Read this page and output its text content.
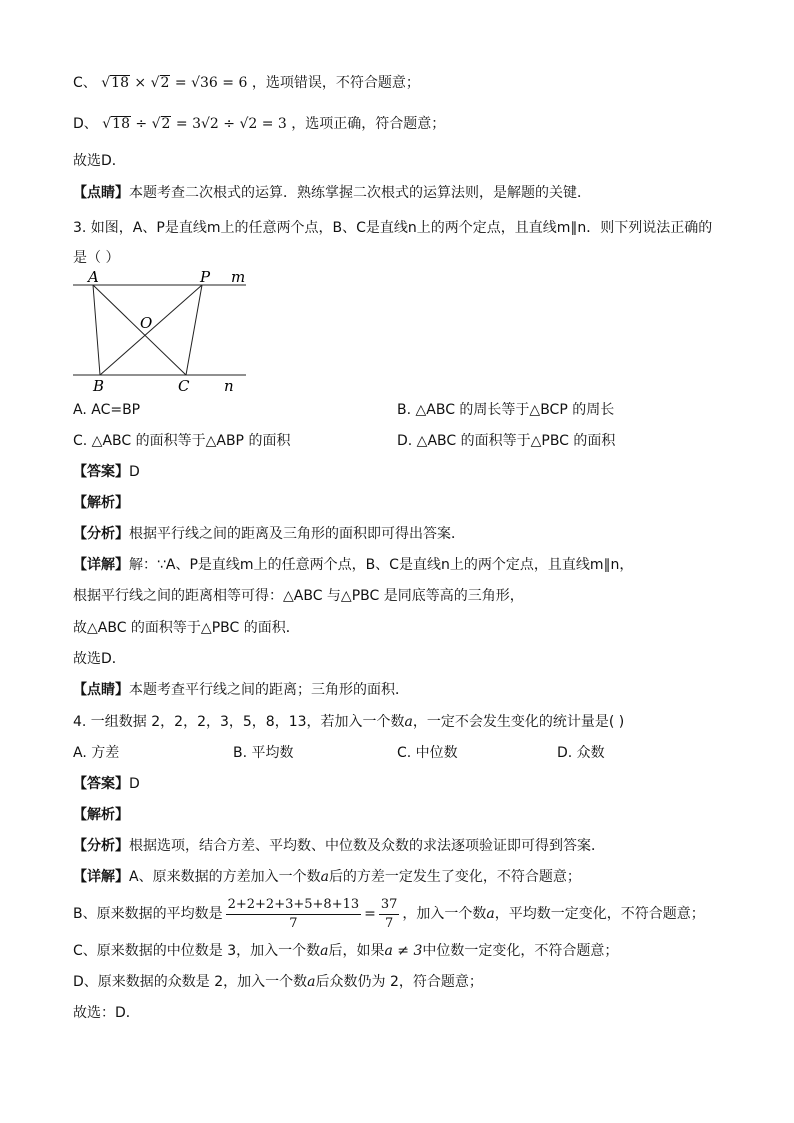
C、 √18 × √2 = √36 = 6 ，选项错误，不符合题意；
D、 √18 ÷ √2 = 3√2 ÷ √2 = 3 ，选项正确，符合题意；
故选D．
【点睛】本题考查二次根式的运算．熟练掌握二次根式的运算法则，是解题的关键．
3. 如图，A、P是直线m上的任意两个点，B、C是直线n上的两个定点，且直线m∥n．则下列说法正确的是（ ）
A	P m
O
B	C n
A. AC=BP	B. △ABC 的周长等于△BCP 的周长
C. △ABC 的面积等于△ABP 的面积	D. △ABC 的面积等于△PBC 的面积
【答案】D
【解析】
【分析】根据平行线之间的距离及三角形的面积即可得出答案．
【详解】解：∵A、P是直线m上的任意两个点，B、C是直线n上的两个定点，且直线m∥n，
根据平行线之间的距离相等可得：△ABC 与△PBC 是同底等高的三角形，
故△ABC 的面积等于△PBC 的面积．
故选D．
【点睛】本题考查平行线之间的距离；三角形的面积．
4. 一组数据 2，2，2，3，5，8，13，若加入一个数a，一定不会发生变化的统计量是( )
A. 方差	B. 平均数	C. 中位数	D. 众数
【答案】D
【解析】
【分析】根据选项，结合方差、平均数、中位数及众数的求法逐项验证即可得到答案．
【详解】A、原来数据的方差加入一个数a后的方差一定发生了变化，不符合题意；
B、原来数据的平均数是 $\frac{2+2+2+3+5+8+13}{7} = \frac{37}{7}$ ，加入一个数 a ，平均数一定变化，不符合题意；
C、原来数据的中位数是 3，加入一个数a后，如果a ≠ 3中位数一定变化，不符合题意；
D、原来数据的众数是 2，加入一个数a后众数仍为 2，符合题意；
故选：D．
